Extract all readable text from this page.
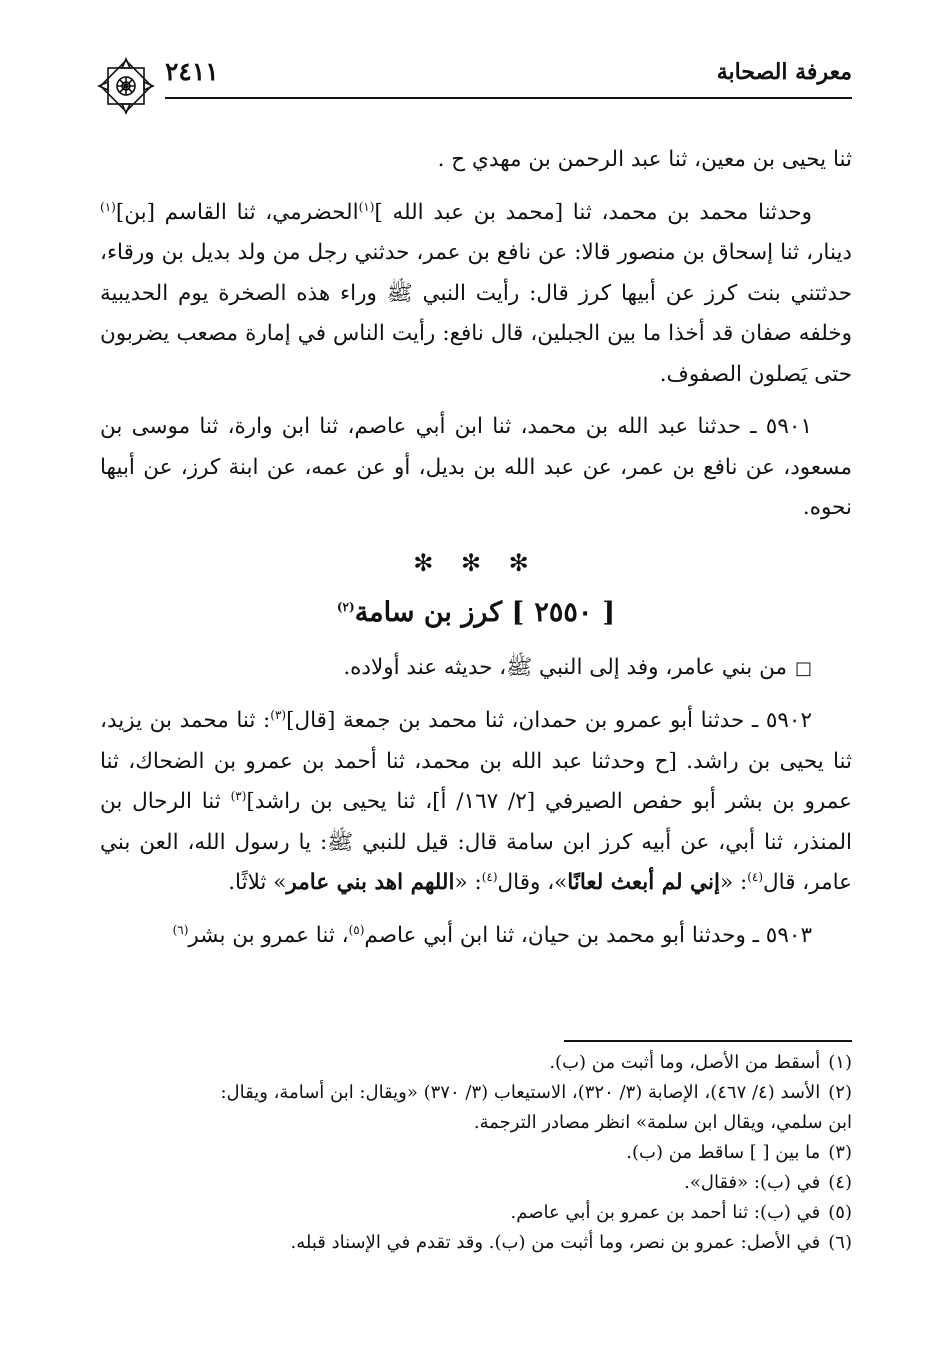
٢٤١١	معرفة الصحابة

ثنا يحيى بن معين، ثنا عبد الرحمن بن مهدي ح .

وحدثنا محمد بن محمد، ثنا [محمد بن عبد الله ]$^{(١)}$الحضرمي، ثنا القاسم [بن]$^{(١)}$ دينار، ثنا إسحاق بن منصور قالا: عن نافع بن عمر، حدثني رجل من ولد بديل بن ورقاء، حدثتني بنت كرز عن أبيها كرز قال: رأيت النبي ﷺ وراء هذه الصخرة يوم الحديبية وخلفه صفان قد أخذا ما بين الجبلين، قال نافع: رأيت الناس في إمارة مصعب يضربون حتى يَصلون الصفوف.

٥٩٠١ ـ حدثنا عبد الله بن محمد، ثنا ابن أبي عاصم، ثنا ابن وارة، ثنا موسى بن مسعود، عن نافع بن عمر، عن عبد الله بن بديل، أو عن عمه، عن ابنة كرز، عن أبيها نحوه.

✻ ✻ ✻
[٢٥٥٠] كرز بن سامة$^{(٢)}$

□من بني عامر، وفد إلى النبي ﷺ، حديثه عند أولاده.

٥٩٠٢ ـ حدثنا أبو عمرو بن حمدان، ثنا محمد بن جمعة [قال]$^{(٣)}$: ثنا محمد بن يزيد، ثنا يحيى بن راشد. [ح وحدثنا عبد الله بن محمد، ثنا أحمد بن عمرو بن الضحاك، ثنا عمرو بن بشر أبو حفص الصيرفي [٢/ ١٦٧/ أ]، ثنا يحيى بن راشد]$^{(٣)}$ ثنا الرحال بن المنذر، ثنا أبي، عن أبيه كرز ابن سامة قال: قيل للنبي ﷺ: يا رسول الله، العن بني عامر، قال$^{(٤)}$: «إني لم أبعث لعانًا»، وقال$^{(٤)}$: «اللهم اهد بني عامر» ثلاثًا.

٥٩٠٣ ـ وحدثنا أبو محمد بن حيان، ثنا ابن أبي عاصم$^{(٥)}$، ثنا عمرو بن بشر$^{(٦)}$

(١)أسقط من الأصل، وما أثبت من (ب).

(٢)الأسد (٤/ ٤٦٧)، الإصابة (٣/ ٣٢٠)، الاستيعاب (٣/ ٣٧٠) «ويقال: ابن أسامة، ويقال:

ابن سلمي، ويقال ابن سلمة» انظر مصادر الترجمة.

(٣)ما بين [ ] ساقط من (ب).

(٤)في (ب): «فقال».

(٥)في (ب): ثنا أحمد بن عمرو بن أبي عاصم.

(٦)في الأصل: عمرو بن نصر، وما أثبت من (ب). وقد تقدم في الإسناد قبله.
